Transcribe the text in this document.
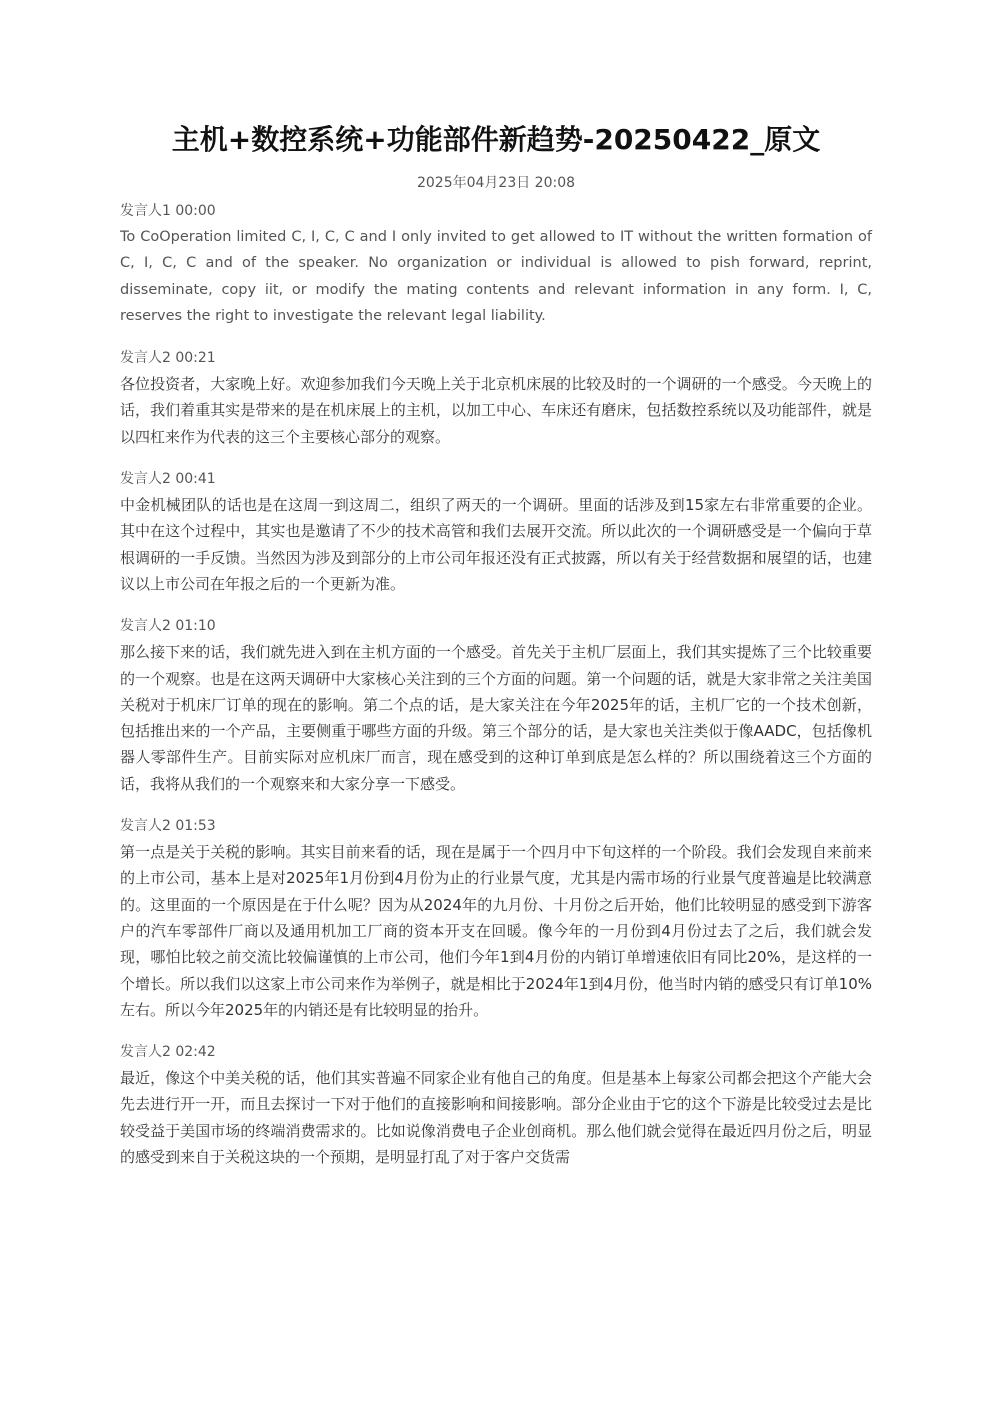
主机+数控系统+功能部件新趋势-20250422_原文
2025年04月23日 20:08
发言人1 00:00

To CoOperation limited C, I, C, C and I only invited to get allowed to IT without the written formation of C, I, C, C and of the speaker. No organization or individual is allowed to pish forward, reprint, disseminate, copy iit, or modify the mating contents and relevant information in any form. I, C, reserves the right to investigate the relevant legal liability.

发言人2 00:21

各位投资者，大家晚上好。欢迎参加我们今天晚上关于北京机床展的比较及时的一个调研的一个感受。今天晚上的话，我们着重其实是带来的是在机床展上的主机，以加工中心、车床还有磨床，包括数控系统以及功能部件，就是以四杠来作为代表的这三个主要核心部分的观察。

发言人2 00:41

中金机械团队的话也是在这周一到这周二，组织了两天的一个调研。里面的话涉及到15家左右非常重要的企业。其中在这个过程中，其实也是邀请了不少的技术高管和我们去展开交流。所以此次的一个调研感受是一个偏向于草根调研的一手反馈。当然因为涉及到部分的上市公司年报还没有正式披露，所以有关于经营数据和展望的话，也建议以上市公司在年报之后的一个更新为准。

发言人2 01:10

那么接下来的话，我们就先进入到在主机方面的一个感受。首先关于主机厂层面上，我们其实提炼了三个比较重要的一个观察。也是在这两天调研中大家核心关注到的三个方面的问题。第一个问题的话，就是大家非常之关注美国关税对于机床厂订单的现在的影响。第二个点的话，是大家关注在今年2025年的话，主机厂它的一个技术创新，包括推出来的一个产品，主要侧重于哪些方面的升级。第三个部分的话，是大家也关注类似于像AADC，包括像机器人零部件生产。目前实际对应机床厂而言，现在感受到的这种订单到底是怎么样的？所以围绕着这三个方面的话，我将从我们的一个观察来和大家分享一下感受。

发言人2 01:53

第一点是关于关税的影响。其实目前来看的话，现在是属于一个四月中下旬这样的一个阶段。我们会发现自来前来的上市公司，基本上是对2025年1月份到4月份为止的行业景气度，尤其是内需市场的行业景气度普遍是比较满意的。这里面的一个原因是在于什么呢？因为从2024年的九月份、十月份之后开始，他们比较明显的感受到下游客户的汽车零部件厂商以及通用机加工厂商的资本开支在回暖。像今年的一月份到4月份过去了之后，我们就会发现，哪怕比较之前交流比较偏谨慎的上市公司，他们今年1到4月份的内销订单增速依旧有同比20%，是这样的一个增长。所以我们以这家上市公司来作为举例子，就是相比于2024年1到4月份，他当时内销的感受只有订单10%左右。所以今年2025年的内销还是有比较明显的抬升。

发言人2 02:42

最近，像这个中美关税的话，他们其实普遍不同家企业有他自己的角度。但是基本上每家公司都会把这个产能大会先去进行开一开，而且去探讨一下对于他们的直接影响和间接影响。部分企业由于它的这个下游是比较受过去是比较受益于美国市场的终端消费需求的。比如说像消费电子企业创商机。那么他们就会觉得在最近四月份之后，明显的感受到来自于关税这块的一个预期，是明显打乱了对于客户交货需
